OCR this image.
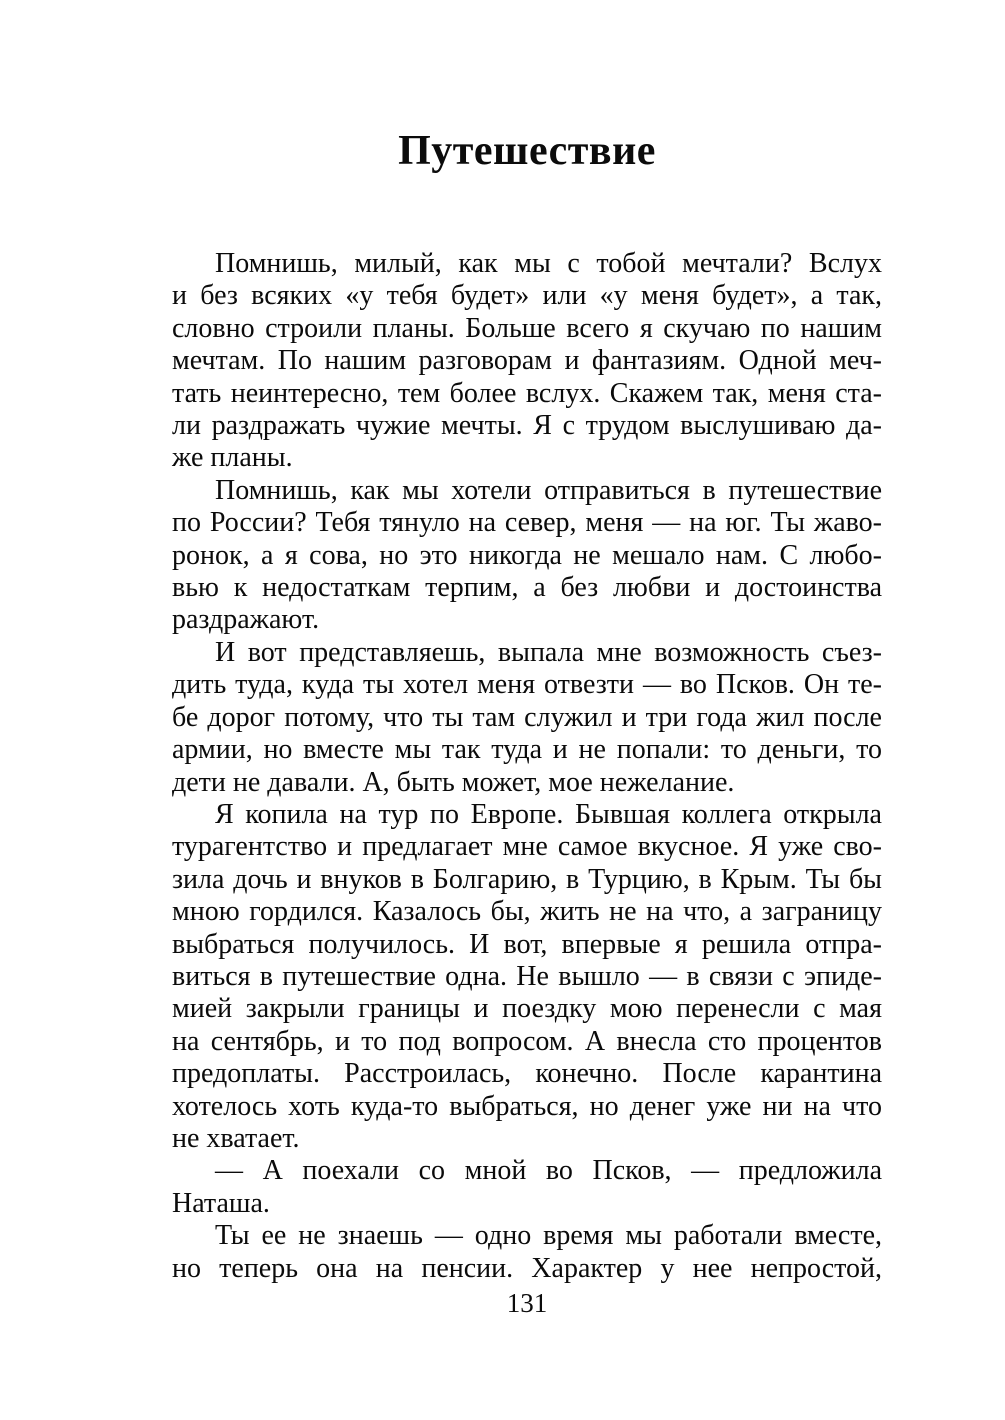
Путешествие
Помнишь, милый, как мы с тобой мечтали? Вслух
и без всяких «у тебя будет» или «у меня будет», а так,
словно строили планы. Больше всего я скучаю по нашим
мечтам. По нашим разговорам и фантазиям. Одной меч-
тать неинтересно, тем более вслух. Скажем так, меня ста-
ли раздражать чужие мечты. Я с трудом выслушиваю да-
же планы.
Помнишь, как мы хотели отправиться в путешествие
по России? Тебя тянуло на север, меня — на юг. Ты жаво-
ронок, а я сова, но это никогда не мешало нам. С любо-
вью к недостаткам терпим, а без любви и достоинства
раздражают.
И вот представляешь, выпала мне возможность съез-
дить туда, куда ты хотел меня отвезти — во Псков. Он те-
бе дорог потому, что ты там служил и три года жил после
армии, но вместе мы так туда и не попали: то деньги, то
дети не давали. А, быть может, мое нежелание.
Я копила на тур по Европе. Бывшая коллега открыла
турагентство и предлагает мне самое вкусное. Я уже сво-
зила дочь и внуков в Болгарию, в Турцию, в Крым. Ты бы
мною гордился. Казалось бы, жить не на что, а заграницу
выбраться получилось. И вот, впервые я решила отпра-
виться в путешествие одна. Не вышло — в связи с эпиде-
мией закрыли границы и поездку мою перенесли с мая
на сентябрь, и то под вопросом. А внесла сто процентов
предоплаты. Расстроилась, конечно. После карантина
хотелось хоть куда-то выбраться, но денег уже ни на что
не хватает.
— А поехали со мной во Псков, — предложила Наташа.
Ты ее не знаешь — одно время мы работали вместе,
но теперь она на пенсии. Характер у нее непростой,
131
